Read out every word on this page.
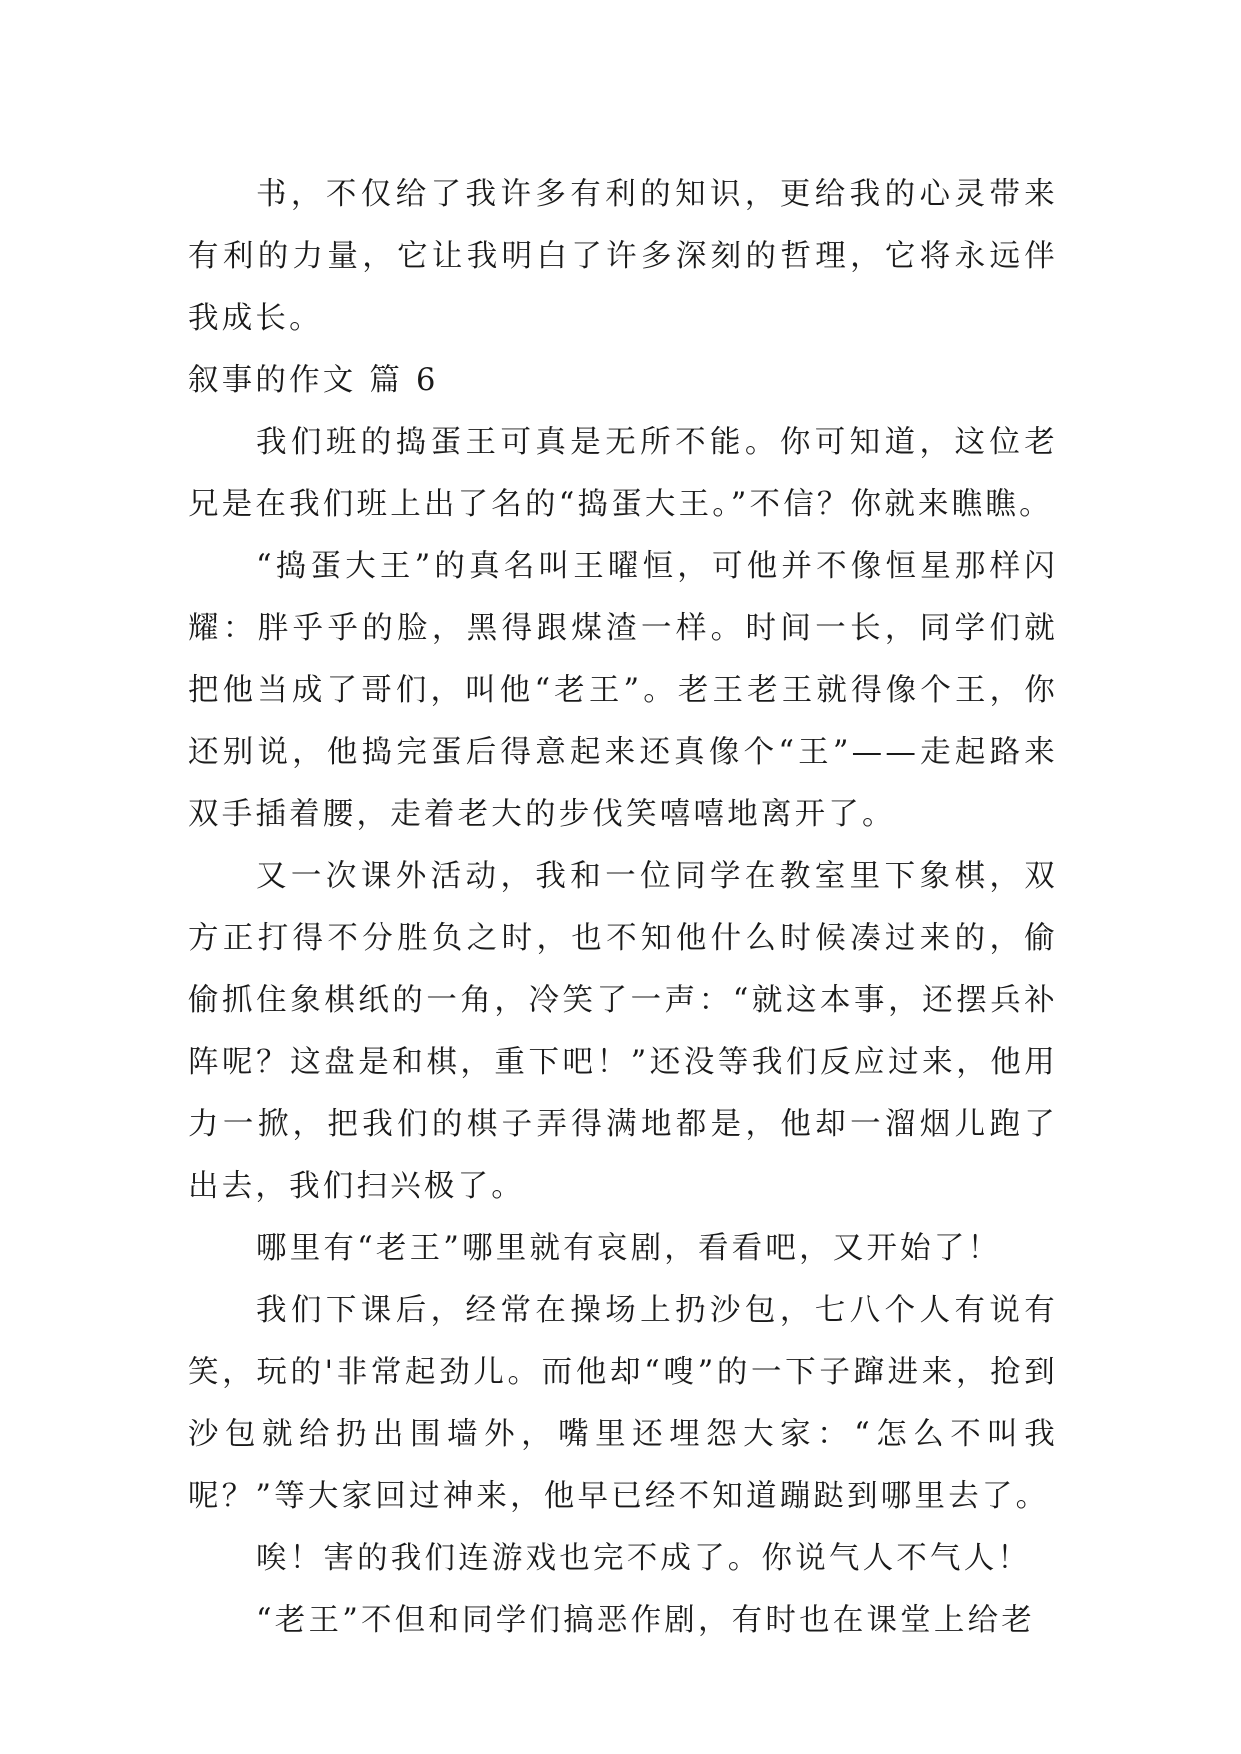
书，不仅给了我许多有利的知识，更给我的心灵带来有利的力量，它让我明白了许多深刻的哲理，它将永远伴我成长。

叙事的作文 篇 6

我们班的捣蛋王可真是无所不能。你可知道，这位老兄是在我们班上出了名的“捣蛋大王。”不信？你就来瞧瞧。

“捣蛋大王”的真名叫王曜恒，可他并不像恒星那样闪耀：胖乎乎的脸，黑得跟煤渣一样。时间一长，同学们就把他当成了哥们，叫他“老王”。老王老王就得像个王，你还别说，他捣完蛋后得意起来还真像个“王”——走起路来双手插着腰，走着老大的步伐笑嘻嘻地离开了。

又一次课外活动，我和一位同学在教室里下象棋，双方正打得不分胜负之时，也不知他什么时候凑过来的，偷偷抓住象棋纸的一角，冷笑了一声：“就这本事，还摆兵补阵呢？这盘是和棋，重下吧！”还没等我们反应过来，他用力一掀，把我们的棋子弄得满地都是，他却一溜烟儿跑了出去，我们扫兴极了。

哪里有“老王”哪里就有哀剧，看看吧，又开始了！

我们下课后，经常在操场上扔沙包，七八个人有说有笑，玩的'非常起劲儿。而他却“嗖”的一下子蹿进来，抢到沙包就给扔出围墙外，嘴里还埋怨大家：“怎么不叫我呢？”等大家回过神来，他早已经不知道蹦跶到哪里去了。

唉！害的我们连游戏也完不成了。你说气人不气人！

“老王”不但和同学们搞恶作剧，有时也在课堂上给老
